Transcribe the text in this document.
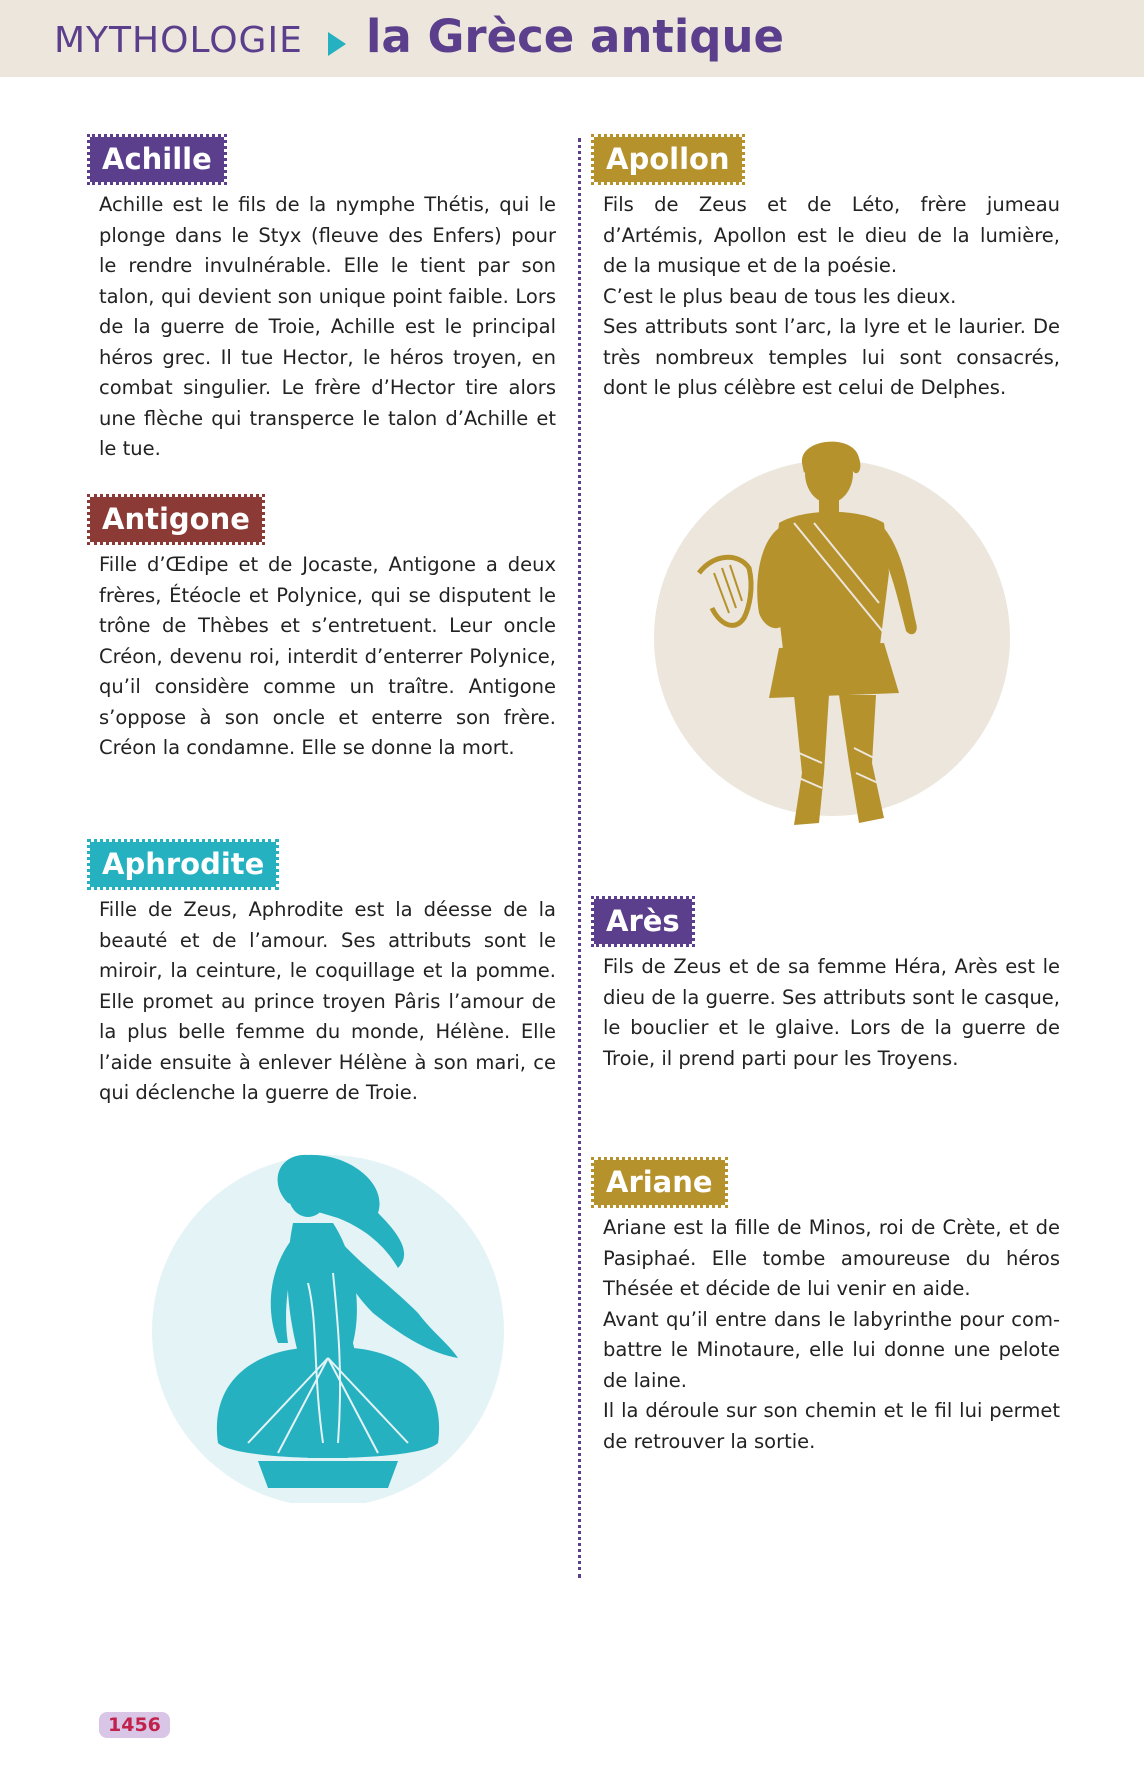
MYTHOLOGIE la Grèce antique
Achille

Achille est le fils de la nymphe Thétis, qui le plonge dans le Styx (fleuve des Enfers) pour le rendre invulnérable. Elle le tient par son talon, qui devient son unique point faible. Lors de la guerre de Troie, Achille est le principal héros grec. Il tue Hector, le héros troyen, en combat singulier. Le frère d’Hector tire alors une flèche qui transperce le talon d’Achille et le tue.

Antigone

Fille d’Œdipe et de Jocaste, Antigone a deux frères, Étéocle et Polynice, qui se disputent le trône de Thèbes et s’entretuent. Leur oncle Créon, devenu roi, interdit d’enterrer Polynice, qu’il considère comme un traître. Antigone s’oppose à son oncle et enterre son frère. Créon la condamne. Elle se donne la mort.

Aphrodite

Fille de Zeus, Aphrodite est la déesse de la beauté et de l’amour. Ses attributs sont le miroir, la ceinture, le coquillage et la pomme. Elle promet au prince troyen Pâris l’amour de la plus belle femme du monde, Hélène. Elle l’aide ensuite à enlever Hélène à son mari, ce qui déclenche la guerre de Troie.

Apollon

Fils de Zeus et de Léto, frère jumeau d’Artémis, Apollon est le dieu de la lumière, de la musique et de la poésie.
C’est le plus beau de tous les dieux.
Ses attributs sont l’arc, la lyre et le laurier. De très nombreux temples lui sont consacrés, dont le plus célèbre est celui de Delphes.

Arès

Fils de Zeus et de sa femme Héra, Arès est le dieu de la guerre. Ses attributs sont le casque, le bouclier et le glaive. Lors de la guerre de Troie, il prend parti pour les Troyens.

Ariane

Ariane est la fille de Minos, roi de Crète, et de Pasiphaé. Elle tombe amoureuse du héros Thésée et décide de lui venir en aide.
Avant qu’il entre dans le labyrinthe pour com-battre le Minotaure, elle lui donne une pelote de laine.
Il la déroule sur son chemin et le fil lui permet de retrouver la sortie.

1456
